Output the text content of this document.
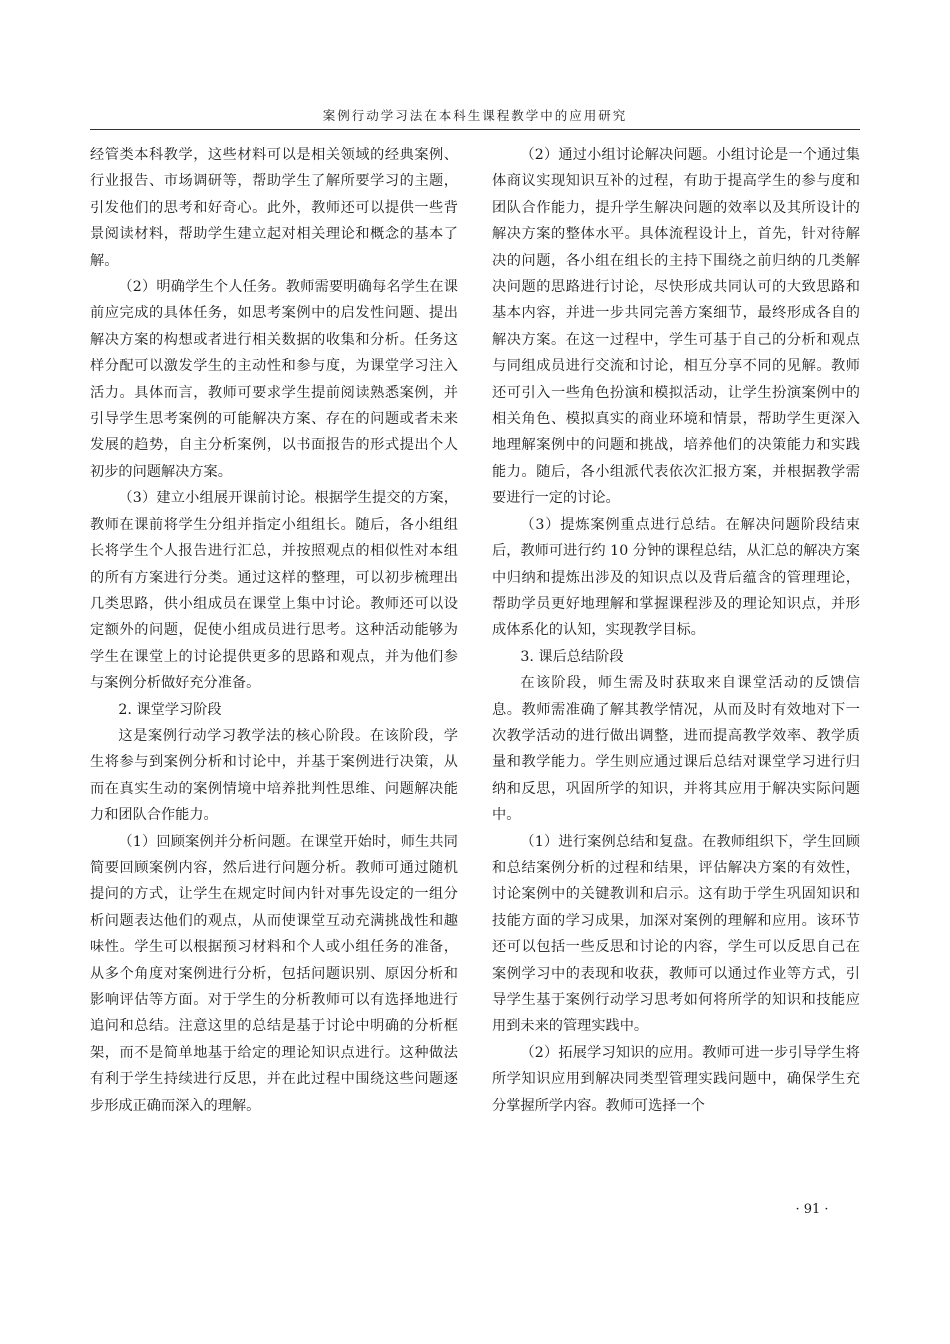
案例行动学习法在本科生课程教学中的应用研究

经管类本科教学，这些材料可以是相关领域的经典案例、行业报告、市场调研等，帮助学生了解所要学习的主题，引发他们的思考和好奇心。此外，教师还可以提供一些背景阅读材料，帮助学生建立起对相关理论和概念的基本了解。

（2）明确学生个人任务。教师需要明确每名学生在课前应完成的具体任务，如思考案例中的启发性问题、提出解决方案的构想或者进行相关数据的收集和分析。任务这样分配可以激发学生的主动性和参与度，为课堂学习注入活力。具体而言，教师可要求学生提前阅读熟悉案例，并引导学生思考案例的可能解决方案、存在的问题或者未来发展的趋势，自主分析案例，以书面报告的形式提出个人初步的问题解决方案。

（3）建立小组展开课前讨论。根据学生提交的方案，教师在课前将学生分组并指定小组组长。随后，各小组组长将学生个人报告进行汇总，并按照观点的相似性对本组的所有方案进行分类。通过这样的整理，可以初步梳理出几类思路，供小组成员在课堂上集中讨论。教师还可以设定额外的问题，促使小组成员进行思考。这种活动能够为学生在课堂上的讨论提供更多的思路和观点，并为他们参与案例分析做好充分准备。

2. 课堂学习阶段

这是案例行动学习教学法的核心阶段。在该阶段，学生将参与到案例分析和讨论中，并基于案例进行决策，从而在真实生动的案例情境中培养批判性思维、问题解决能力和团队合作能力。

（1）回顾案例并分析问题。在课堂开始时，师生共同简要回顾案例内容，然后进行问题分析。教师可通过随机提问的方式，让学生在规定时间内针对事先设定的一组分析问题表达他们的观点，从而使课堂互动充满挑战性和趣味性。学生可以根据预习材料和个人或小组任务的准备，从多个角度对案例进行分析，包括问题识别、原因分析和影响评估等方面。对于学生的分析教师可以有选择地进行追问和总结。注意这里的总结是基于讨论中明确的分析框架，而不是简单地基于给定的理论知识点进行。这种做法有利于学生持续进行反思，并在此过程中围绕这些问题逐步形成正确而深入的理解。

（2）通过小组讨论解决问题。小组讨论是一个通过集体商议实现知识互补的过程，有助于提高学生的参与度和团队合作能力，提升学生解决问题的效率以及其所设计的解决方案的整体水平。具体流程设计上，首先，针对待解决的问题，各小组在组长的主持下围绕之前归纳的几类解决问题的思路进行讨论，尽快形成共同认可的大致思路和基本内容，并进一步共同完善方案细节，最终形成各自的解决方案。在这一过程中，学生可基于自己的分析和观点与同组成员进行交流和讨论，相互分享不同的见解。教师还可引入一些角色扮演和模拟活动，让学生扮演案例中的相关角色、模拟真实的商业环境和情景，帮助学生更深入地理解案例中的问题和挑战，培养他们的决策能力和实践能力。随后，各小组派代表依次汇报方案，并根据教学需要进行一定的讨论。

（3）提炼案例重点进行总结。在解决问题阶段结束后，教师可进行约 10 分钟的课程总结，从汇总的解决方案中归纳和提炼出涉及的知识点以及背后蕴含的管理理论，帮助学员更好地理解和掌握课程涉及的理论知识点，并形成体系化的认知，实现教学目标。

3. 课后总结阶段

在该阶段，师生需及时获取来自课堂活动的反馈信息。教师需准确了解其教学情况，从而及时有效地对下一次教学活动的进行做出调整，进而提高教学效率、教学质量和教学能力。学生则应通过课后总结对课堂学习进行归纳和反思，巩固所学的知识，并将其应用于解决实际问题中。

（1）进行案例总结和复盘。在教师组织下，学生回顾和总结案例分析的过程和结果，评估解决方案的有效性，讨论案例中的关键教训和启示。这有助于学生巩固知识和技能方面的学习成果，加深对案例的理解和应用。该环节还可以包括一些反思和讨论的内容，学生可以反思自己在案例学习中的表现和收获，教师可以通过作业等方式，引导学生基于案例行动学习思考如何将所学的知识和技能应用到未来的管理实践中。

（2）拓展学习知识的应用。教师可进一步引导学生将所学知识应用到解决同类型管理实践问题中，确保学生充分掌握所学内容。教师可选择一个

· 91 ·
